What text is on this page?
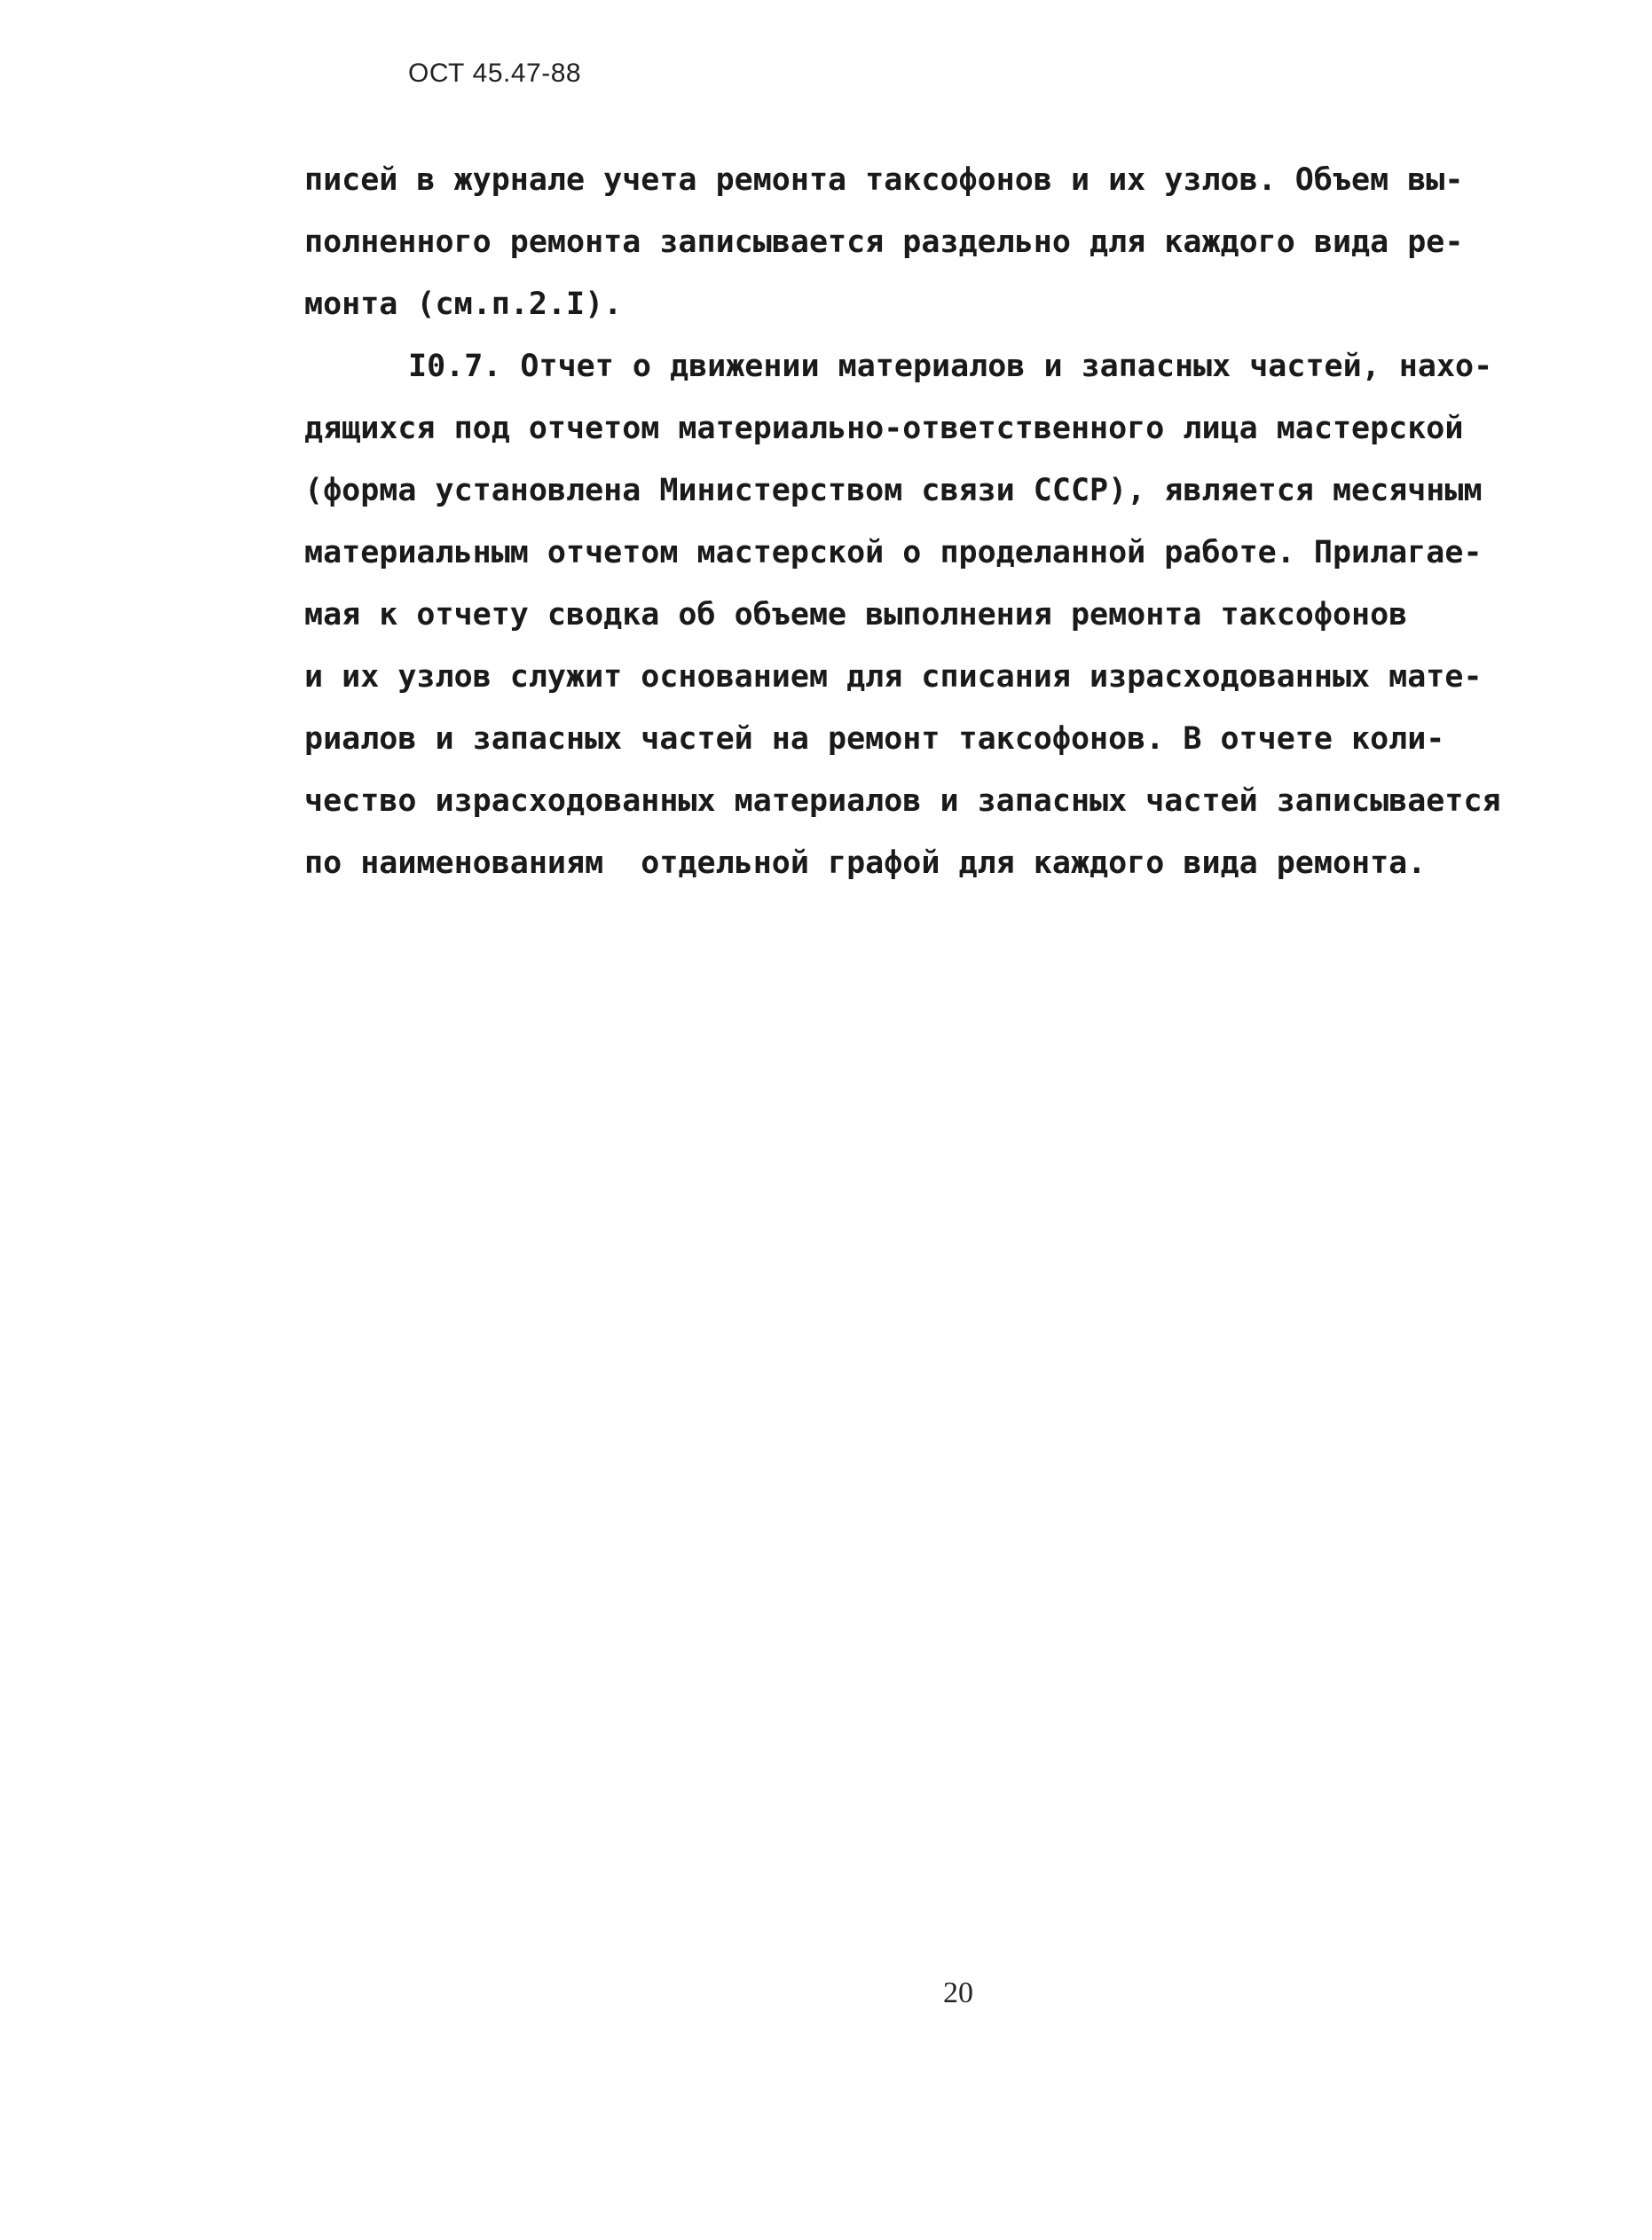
ОСТ 45.47-88
писей в журнале учета ремонта таксофонов и их узлов. Объем вы-
полненного ремонта записывается раздельно для каждого вида ре-
монта (см.п.2.I).
I0.7. Отчет о движении материалов и запасных частей, нахо-
дящихся под отчетом материально-ответственного лица мастерской
(форма установлена Министерством связи СССР), является месячным
материальным отчетом мастерской о проделанной работе. Прилагае-
мая к отчету сводка об объеме выполнения ремонта таксофонов
и их узлов служит основанием для списания израсходованных мате-
риалов и запасных частей на ремонт таксофонов. В отчете коли-
чество израсходованных материалов и запасных частей записывается
по наименованиям  отдельной графой для каждого вида ремонта.
20
